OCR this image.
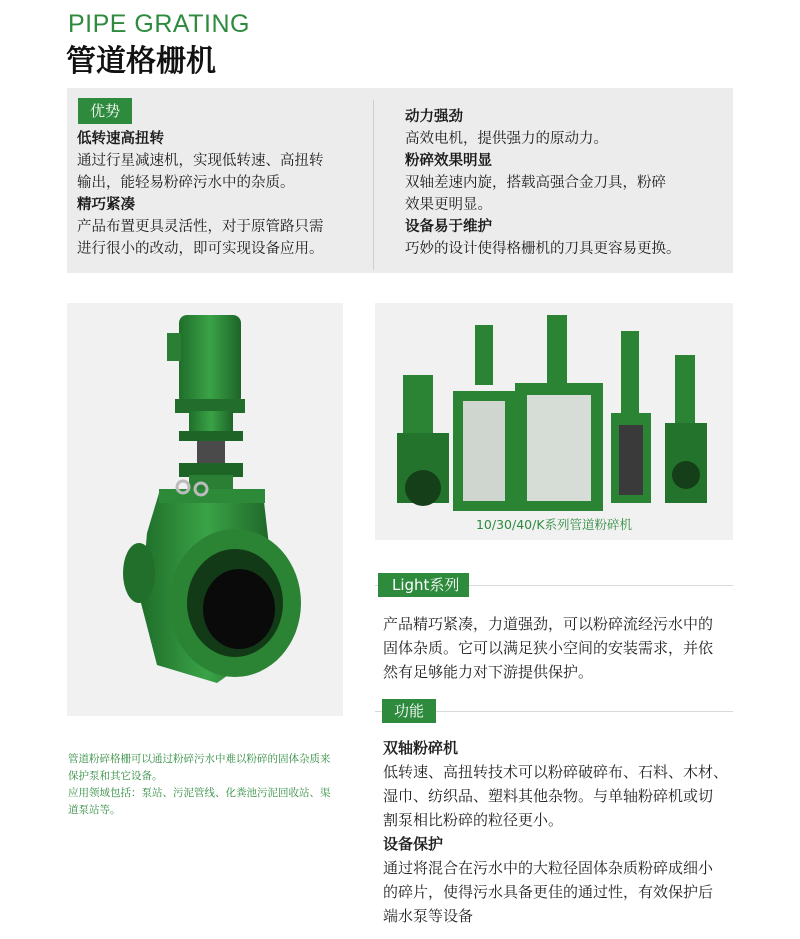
PIPE GRATING
管道格栅机
优势
低转速高扭转
通过行星减速机，实现低转速、高扭转
输出，能轻易粉碎污水中的杂质。
精巧紧凑
产品布置更具灵活性，对于原管路只需
进行很小的改动，即可实现设备应用。
动力强劲
高效电机，提供强力的原动力。
粉碎效果明显
双轴差速内旋，搭载高强合金刀具，粉碎
效果更明显。
设备易于维护
巧妙的设计使得格栅机的刀具更容易更换。
管道粉碎格栅可以通过粉碎污水中难以粉碎的固体杂质来
保护泵和其它设备。
应用领域包括：泵站、污泥管线、化粪池污泥回收站、渠
道泵站等。
10/30/40/K系列管道粉碎机
Light系列
产品精巧紧凑，力道强劲，可以粉碎流经污水中的
固体杂质。它可以满足狭小空间的安装需求，并依
然有足够能力对下游提供保护。
功能
双轴粉碎机
低转速、高扭转技术可以粉碎破碎布、石料、木材、
湿巾、纺织品、塑料其他杂物。与单轴粉碎机或切
割泵相比粉碎的粒径更小。
设备保护
通过将混合在污水中的大粒径固体杂质粉碎成细小
的碎片，使得污水具备更佳的通过性，有效保护后
端水泵等设备
